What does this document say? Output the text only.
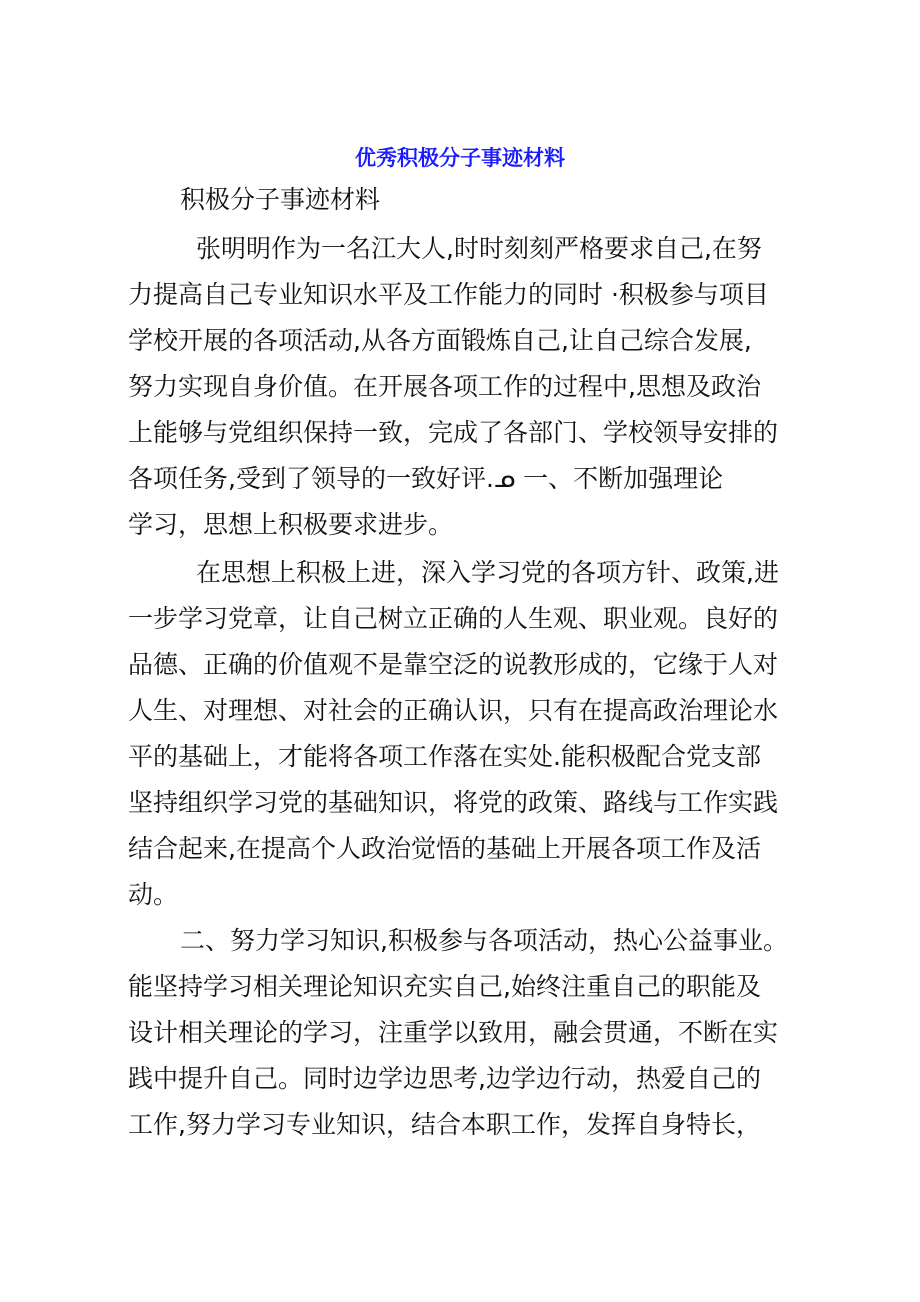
优秀积极分子事迹材料
积极分子事迹材料
张明明作为一名江大人,时时刻刻严格要求自己,在努
力提高自己专业知识水平及工作能力的同时 ·积极参与项目
学校开展的各项活动,从各方面锻炼自己,让自己综合发展,
努力实现自身价值。在开展各项工作的过程中,思想及政治
上能够与党组织保持一致，完成了各部门、学校领导安排的
各项任务,受到了领导的一致好评.ᓄ 一、不断加强理论
学习，思想上积极要求进步。
在思想上积极上进，深入学习党的各项方针、政策,进
一步学习党章，让自己树立正确的人生观、职业观。良好的
品德、正确的价值观不是靠空泛的说教形成的，它缘于人对
人生、对理想、对社会的正确认识，只有在提高政治理论水
平的基础上，才能将各项工作落在实处.能积极配合党支部
坚持组织学习党的基础知识，将党的政策、路线与工作实践
结合起来,在提高个人政治觉悟的基础上开展各项工作及活
动。
二、努力学习知识,积极参与各项活动，热心公益事业。
能坚持学习相关理论知识充实自己,始终注重自己的职能及
设计相关理论的学习，注重学以致用，融会贯通，不断在实
践中提升自己。同时边学边思考,边学边行动，热爱自己的
工作,努力学习专业知识，结合本职工作，发挥自身特长，
